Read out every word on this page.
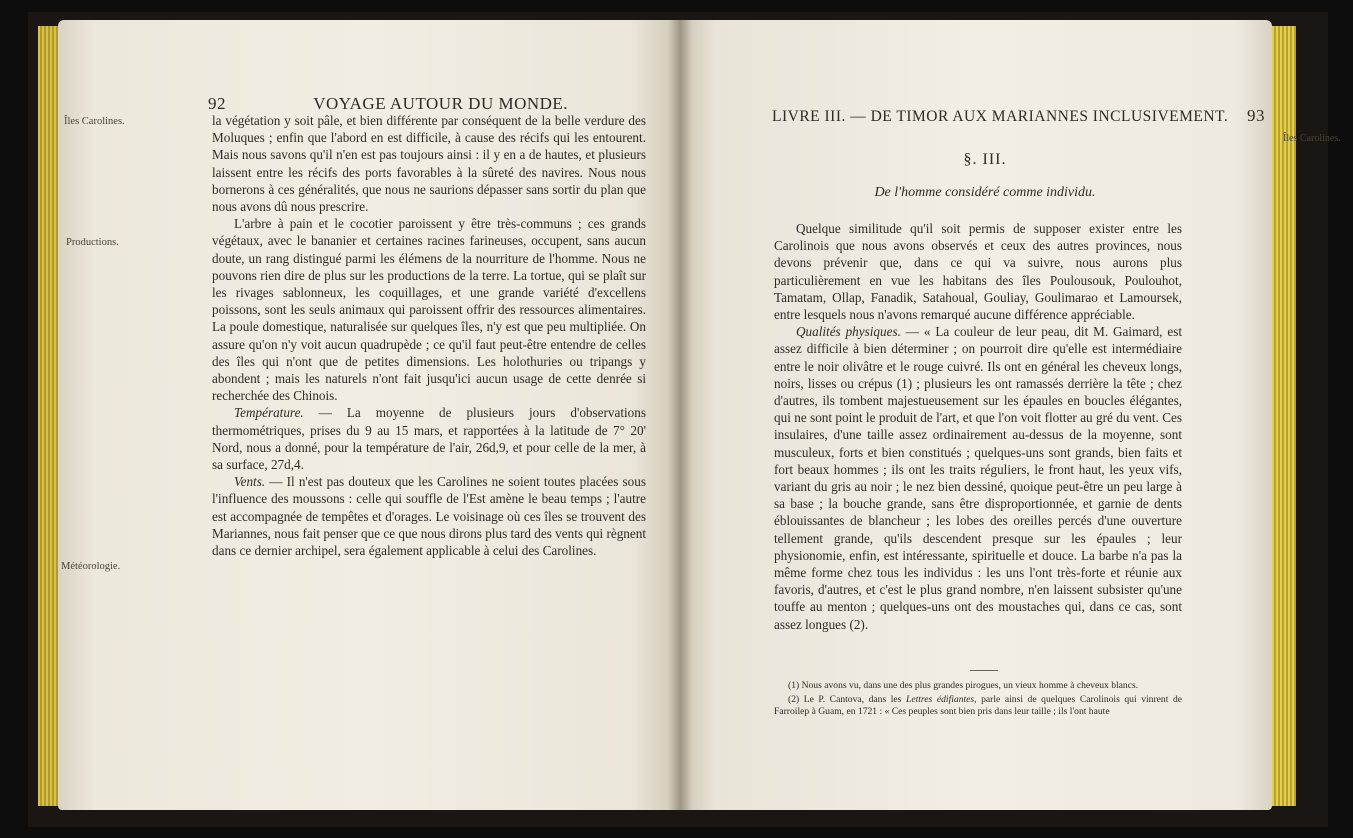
92	VOYAGE AUTOUR DU MONDE.
Îles Carolines.
Productions.
Météorologie.

la végétation y soit pâle, et bien différente par conséquent de la belle verdure des Moluques ; enfin que l'abord en est difficile, à cause des récifs qui les entourent. Mais nous savons qu'il n'en est pas toujours ainsi : il y en a de hautes, et plusieurs laissent entre les récifs des ports favorables à la sûreté des navires. Nous nous bornerons à ces généralités, que nous ne saurions dépasser sans sortir du plan que nous avons dû nous prescrire.

L'arbre à pain et le cocotier paroissent y être très-communs ; ces grands végétaux, avec le bananier et certaines racines farineuses, occupent, sans aucun doute, un rang distingué parmi les élémens de la nourriture de l'homme. Nous ne pouvons rien dire de plus sur les productions de la terre. La tortue, qui se plaît sur les rivages sablonneux, les coquillages, et une grande variété d'excellens poissons, sont les seuls animaux qui paroissent offrir des ressources alimentaires. La poule domestique, naturalisée sur quelques îles, n'y est que peu multipliée. On assure qu'on n'y voit aucun quadrupède ; ce qu'il faut peut-être entendre de celles des îles qui n'ont que de petites dimensions. Les holothuries ou tripangs y abondent ; mais les naturels n'ont fait jusqu'ici aucun usage de cette denrée si recherchée des Chinois.

Température. — La moyenne de plusieurs jours d'observations thermométriques, prises du 9 au 15 mars, et rapportées à la latitude de 7° 20' Nord, nous a donné, pour la température de l'air, 26d,9, et pour celle de la mer, à sa surface, 27d,4.

Vents. — Il n'est pas douteux que les Carolines ne soient toutes placées sous l'influence des moussons : celle qui souffle de l'Est amène le beau temps ; l'autre est accompagnée de tempêtes et d'orages. Le voisinage où ces îles se trouvent des Mariannes, nous fait penser que ce que nous dirons plus tard des vents qui règnent dans ce dernier archipel, sera également applicable à celui des Carolines.

LIVRE III. — DE TIMOR AUX MARIANNES INCLUSIVEMENT. 93
§. III.
De l'homme considéré comme individu.

Quelque similitude qu'il soit permis de supposer exister entre les Carolinois que nous avons observés et ceux des autres provinces, nous devons prévenir que, dans ce qui va suivre, nous aurons plus particulièrement en vue les habitans des îles Poulousouk, Poulouhot, Tamatam, Ollap, Fanadik, Satahoual, Gouliay, Goulimarao et Lamoursek, entre lesquels nous n'avons remarqué aucune différence appréciable.

Qualités physiques. — « La couleur de leur peau, dit M. Gaimard, est assez difficile à bien déterminer ; on pourroit dire qu'elle est intermédiaire entre le noir olivâtre et le rouge cuivré. Ils ont en général les cheveux longs, noirs, lisses ou crépus (1) ; plusieurs les ont ramassés derrière la tête ; chez d'autres, ils tombent majestueusement sur les épaules en boucles élégantes, qui ne sont point le produit de l'art, et que l'on voit flotter au gré du vent. Ces insulaires, d'une taille assez ordinairement au-dessus de la moyenne, sont musculeux, forts et bien constitués ; quelques-uns sont grands, bien faits et fort beaux hommes ; ils ont les traits réguliers, le front haut, les yeux vifs, variant du gris au noir ; le nez bien dessiné, quoique peut-être un peu large à sa base ; la bouche grande, sans être disproportionnée, et garnie de dents éblouissantes de blancheur ; les lobes des oreilles percés d'une ouverture tellement grande, qu'ils descendent presque sur les épaules ; leur physionomie, enfin, est intéressante, spirituelle et douce. La barbe n'a pas la même forme chez tous les individus : les uns l'ont très-forte et réunie aux favoris, d'autres, et c'est le plus grand nombre, n'en laissent subsister qu'une touffe au menton ; quelques-uns ont des moustaches qui, dans ce cas, sont assez longues (2).

(1) Nous avons vu, dans une des plus grandes pirogues, un vieux homme à cheveux blancs.

(2) Le P. Cantova, dans les Lettres édifiantes, parle ainsi de quelques Carolinois qui vinrent de Farroilep à Guam, en 1721 : « Ces peuples sont bien pris dans leur taille ; ils l'ont haute

Îles Carolines.
